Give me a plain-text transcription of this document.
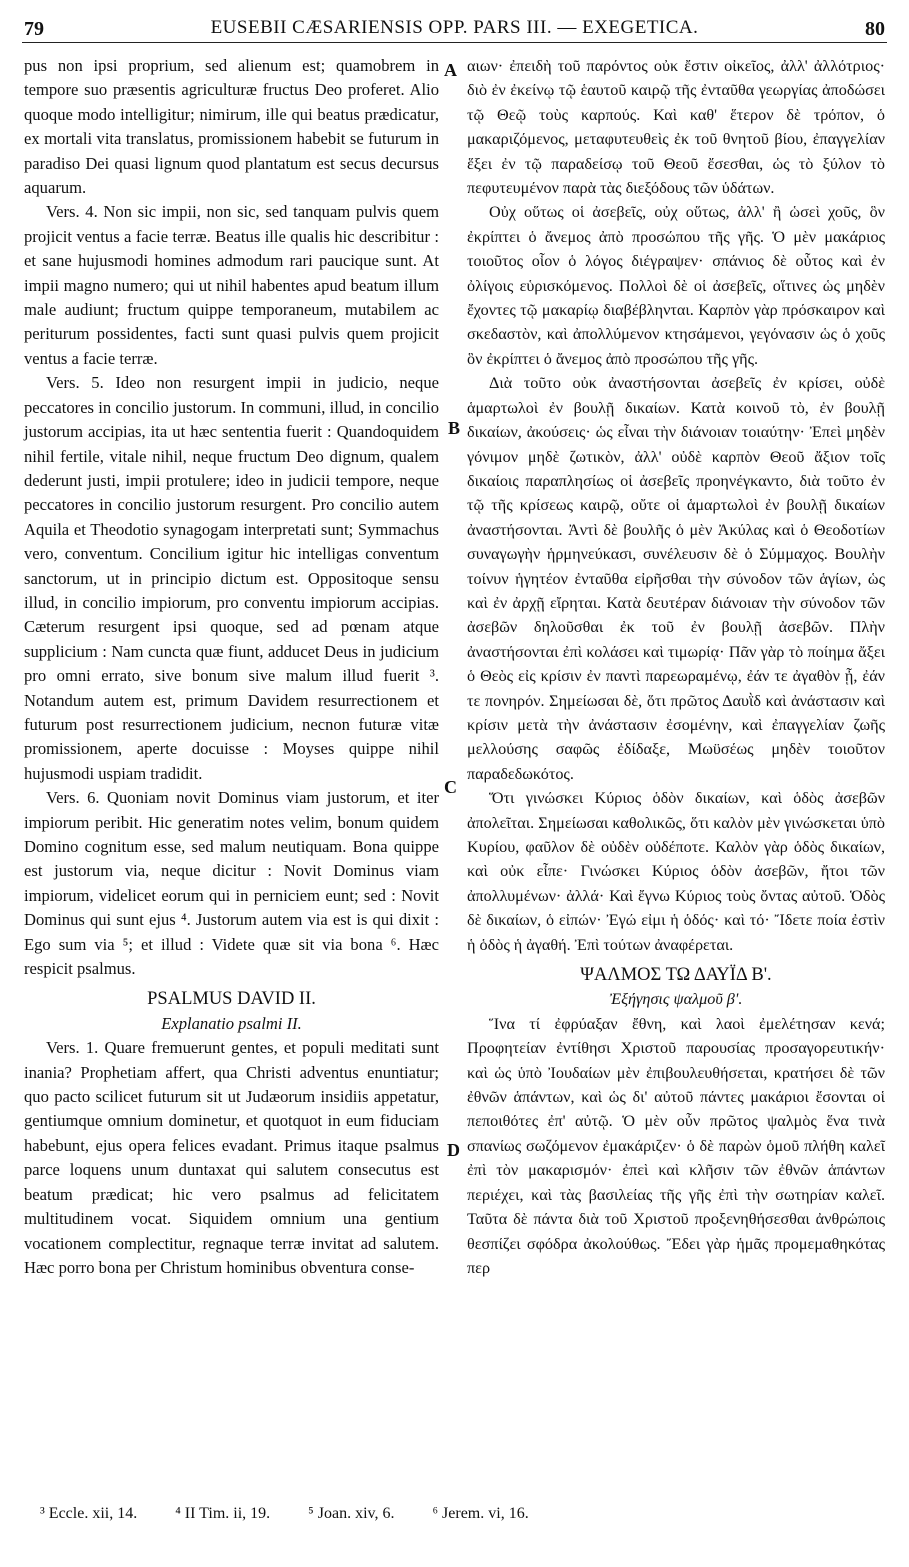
79	EUSEBII CÆSARIENSIS OPP. PARS III. — EXEGETICA.	80

pus non ipsi proprium, sed alienum est; quamobrem in tempore suo præsentis agriculturæ fructus Deo proferet. Alio quoque modo intelligitur; nimirum, ille qui beatus prædicatur, ex mortali vita translatus, promissionem habebit se futurum in paradiso Dei quasi lignum quod plantatum est secus decursus aquarum.

Vers. 4. Non sic impii, non sic, sed tanquam pulvis quem projicit ventus a facie terræ. Beatus ille qualis hic describitur : et sane hujusmodi homines admodum rari paucique sunt. At impii magno numero; qui ut nihil habentes apud beatum illum male audiunt; fructum quippe temporaneum, mutabilem ac periturum possidentes, facti sunt quasi pulvis quem projicit ventus a facie terræ.

Vers. 5. Ideo non resurgent impii in judicio, neque peccatores in concilio justorum. In communi, illud, in concilio justorum accipias, ita ut hæc sententia fuerit : Quandoquidem nihil fertile, vitale nihil, neque fructum Deo dignum, qualem dederunt justi, impii protulere; ideo in judicii tempore, neque peccatores in concilio justorum resurgent. Pro concilio autem Aquila et Theodotio synagogam interpretati sunt; Symmachus vero, conventum. Concilium igitur hic intelligas conventum sanctorum, ut in principio dictum est. Oppositoque sensu illud, in concilio impiorum, pro conventu impiorum accipias. Cæterum resurgent ipsi quoque, sed ad pœnam atque supplicium : Nam cuncta quæ fiunt, adducet Deus in judicium pro omni errato, sive bonum sive malum illud fuerit ³. Notandum autem est, primum Davidem resurrectionem et futurum post resurrectionem judicium, necnon futuræ vitæ promissionem, aperte docuisse : Moyses quippe nihil hujusmodi uspiam tradidit.

Vers. 6. Quoniam novit Dominus viam justorum, et iter impiorum peribit. Hic generatim notes velim, bonum quidem Domino cognitum esse, sed malum neutiquam. Bona quippe est justorum via, neque dicitur : Novit Dominus viam impiorum, videlicet eorum qui in perniciem eunt; sed : Novit Dominus qui sunt ejus ⁴. Justorum autem via est is qui dixit : Ego sum via ⁵; et illud : Videte quæ sit via bona ⁶. Hæc respicit psalmus.

PSALMUS DAVID II.

Explanatio psalmi II.

Vers. 1. Quare fremuerunt gentes, et populi meditati sunt inania? Prophetiam affert, qua Christi adventus enuntiatur; quo pacto scilicet futurum sit ut Judæorum insidiis appetatur, gentiumque omnium dominetur, et quotquot in eum fiduciam habebunt, ejus opera felices evadant. Primus itaque psalmus parce loquens unum duntaxat qui salutem consecutus est beatum prædicat; hic vero psalmus ad felicitatem multitudinem vocat. Siquidem omnium una gentium vocationem complectitur, regnaque terræ invitat ad salutem. Hæc porro bona per Christum hominibus obventura conse-

αιων· ἐπειδὴ τοῦ παρόντος οὐκ ἔστιν οἰκεῖος, ἀλλ' ἀλλότριος· διὸ ἐν ἐκείνῳ τῷ ἑαυτοῦ καιρῷ τῆς ἐνταῦθα γεωργίας ἀποδώσει τῷ Θεῷ τοὺς καρπούς. Καὶ καθ' ἕτερον δὲ τρόπον, ὁ μακαριζόμενος, μεταφυτευθεὶς ἐκ τοῦ θνητοῦ βίου, ἐπαγγελίαν ἕξει ἐν τῷ παραδείσῳ τοῦ Θεοῦ ἔσεσθαι, ὡς τὸ ξύλον τὸ πεφυτευμένον παρὰ τὰς διεξόδους τῶν ὑδάτων.

Οὐχ οὕτως οἱ ἀσεβεῖς, οὐχ οὕτως, ἀλλ' ἢ ὡσεὶ χοῦς, ὃν ἐκρίπτει ὁ ἄνεμος ἀπὸ προσώπου τῆς γῆς. Ὁ μὲν μακάριος τοιοῦτος οἷον ὁ λόγος διέγραψεν· σπάνιος δὲ οὗτος καὶ ἐν ὀλίγοις εὑρισκόμενος. Πολλοὶ δὲ οἱ ἀσεβεῖς, οἵτινες ὡς μηδὲν ἔχοντες τῷ μακαρίῳ διαβέβληνται. Καρπὸν γὰρ πρόσκαιρον καὶ σκεδαστὸν, καὶ ἀπολλύμενον κτησάμενοι, γεγόνασιν ὡς ὁ χοῦς ὃν ἐκρίπτει ὁ ἄνεμος ἀπὸ προσώπου τῆς γῆς.

Διὰ τοῦτο οὐκ ἀναστήσονται ἀσεβεῖς ἐν κρίσει, οὐδὲ ἁμαρτωλοὶ ἐν βουλῇ δικαίων. Κατὰ κοινοῦ τὸ, ἐν βουλῇ δικαίων, ἀκούσεις· ὡς εἶναι τὴν διάνοιαν τοιαύτην· Ἐπεὶ μηδὲν γόνιμον μηδὲ ζωτικὸν, ἀλλ' οὐδὲ καρπὸν Θεοῦ ἄξιον τοῖς δικαίοις παραπλησίως οἱ ἀσεβεῖς προηνέγκαντο, διὰ τοῦτο ἐν τῷ τῆς κρίσεως καιρῷ, οὔτε οἱ ἁμαρτωλοὶ ἐν βουλῇ δικαίων ἀναστήσονται. Ἀντὶ δὲ βουλῆς ὁ μὲν Ἀκύλας καὶ ὁ Θεοδοτίων συναγωγὴν ἡρμηνεύκασι, συνέλευσιν δὲ ὁ Σύμμαχος. Βουλὴν τοίνυν ἡγητέον ἐνταῦθα εἰρῆσθαι τὴν σύνοδον τῶν ἁγίων, ὡς καὶ ἐν ἀρχῇ εἴρηται. Κατὰ δευτέραν διάνοιαν τὴν σύνοδον τῶν ἀσεβῶν δηλοῦσθαι ἐκ τοῦ ἐν βουλῇ ἀσεβῶν. Πλὴν ἀναστήσονται ἐπὶ κολάσει καὶ τιμωρίᾳ· Πᾶν γὰρ τὸ ποίημα ἄξει ὁ Θεὸς εἰς κρίσιν ἐν παντὶ παρεωραμένῳ, ἐάν τε ἀγαθὸν ᾖ, ἐάν τε πονηρόν. Σημείωσαι δὲ, ὅτι πρῶτος Δαυῒδ καὶ ἀνάστασιν καὶ κρίσιν μετὰ τὴν ἀνάστασιν ἐσομένην, καὶ ἐπαγγελίαν ζωῆς μελλούσης σαφῶς ἐδίδαξε, Μωϋσέως μηδὲν τοιοῦτον παραδεδωκότος.

Ὅτι γινώσκει Κύριος ὁδὸν δικαίων, καὶ ὁδὸς ἀσεβῶν ἀπολεῖται. Σημείωσαι καθολικῶς, ὅτι καλὸν μὲν γινώσκεται ὑπὸ Κυρίου, φαῦλον δὲ οὐδὲν οὐδέποτε. Καλὸν γὰρ ὁδὸς δικαίων, καὶ οὐκ εἶπε· Γινώσκει Κύριος ὁδὸν ἀσεβῶν, ἤτοι τῶν ἀπολλυμένων· ἀλλά· Καὶ ἔγνω Κύριος τοὺς ὄντας αὐτοῦ. Ὁδὸς δὲ δικαίων, ὁ εἰπών· Ἐγώ εἰμι ἡ ὁδός· καὶ τό· Ἴδετε ποία ἐστὶν ἡ ὁδὸς ἡ ἀγαθή. Ἐπὶ τούτων ἀναφέρεται.

ΨΑΛΜΟΣ ΤΩ ΔΑΥΪΔ Β'.

Ἐξήγησις ψαλμοῦ β'.

Ἵνα τί ἐφρύαξαν ἔθνη, καὶ λαοὶ ἐμελέτησαν κενά; Προφητείαν ἐντίθησι Χριστοῦ παρουσίας προσαγορευτικήν· καὶ ὡς ὑπὸ Ἰουδαίων μὲν ἐπιβουλευθήσεται, κρατήσει δὲ τῶν ἐθνῶν ἁπάντων, καὶ ὡς δι' αὐτοῦ πάντες μακάριοι ἔσονται οἱ πεποιθότες ἐπ' αὐτῷ. Ὁ μὲν οὖν πρῶτος ψαλμὸς ἕνα τινὰ σπανίως σωζόμενον ἐμακάριζεν· ὁ δὲ παρὼν ὁμοῦ πλήθη καλεῖ ἐπὶ τὸν μακαρισμόν· ἐπεὶ καὶ κλῆσιν τῶν ἐθνῶν ἁπάντων περιέχει, καὶ τὰς βασιλείας τῆς γῆς ἐπὶ τὴν σωτηρίαν καλεῖ. Ταῦτα δὲ πάντα διὰ τοῦ Χριστοῦ προξενηθήσεσθαι ἀνθρώποις θεσπίζει σφόδρα ἀκολούθως. Ἔδει γὰρ ἡμᾶς προμεμαθηκότας περ

A
B
C
D
³ Eccle. xii, 14. ⁴ II Tim. ii, 19. ⁵ Joan. xiv, 6. ⁶ Jerem. vi, 16.
